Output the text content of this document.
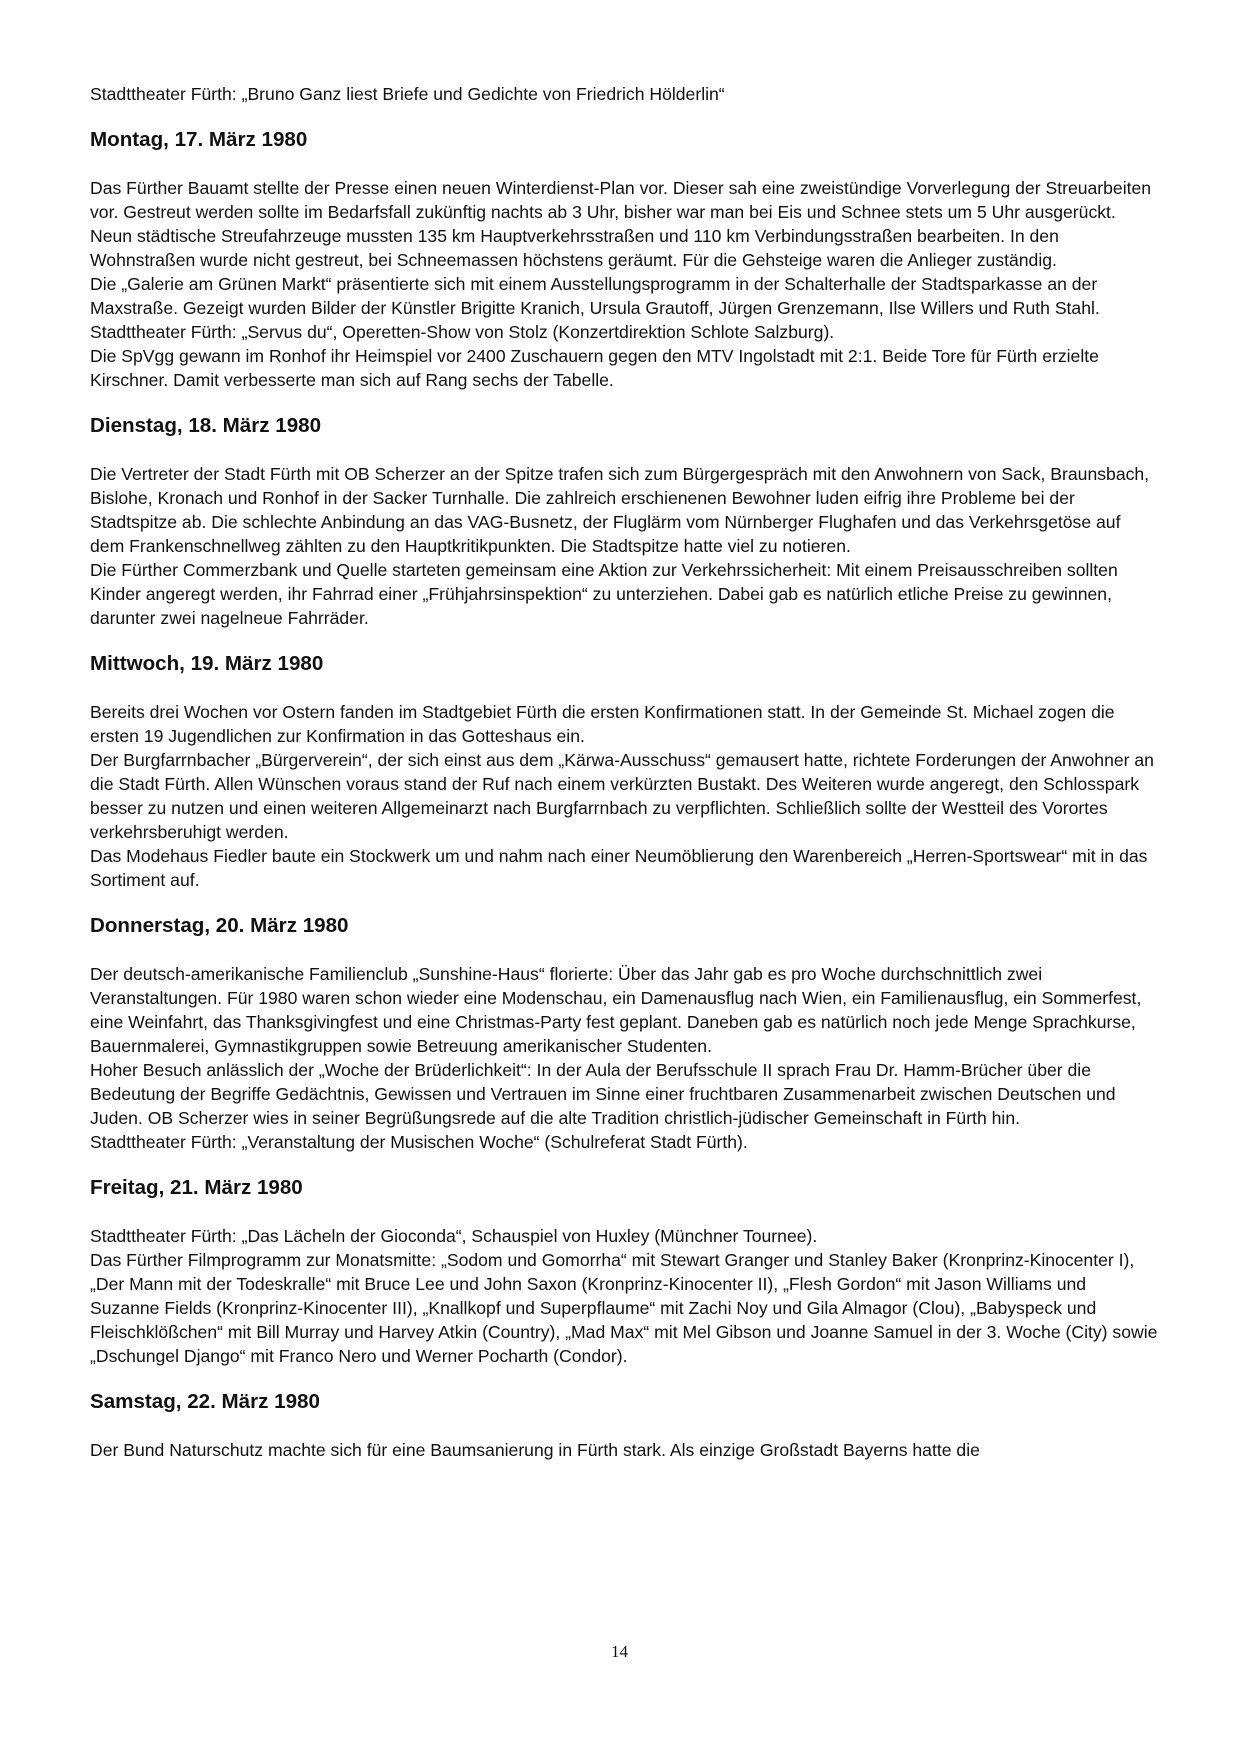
Stadttheater Fürth: „Bruno Ganz liest Briefe und Gedichte von Friedrich Hölderlin“

Montag, 17. März 1980

Das Fürther Bauamt stellte der Presse einen neuen Winterdienst-Plan vor. Dieser sah eine zweistündige Vorverlegung der Streuarbeiten vor. Gestreut werden sollte im Bedarfsfall zukünftig nachts ab 3 Uhr, bisher war man bei Eis und Schnee stets um 5 Uhr ausgerückt. Neun städtische Streufahrzeuge mussten 135 km Hauptverkehrsstraßen und 110 km Verbindungsstraßen bearbeiten. In den Wohnstraßen wurde nicht gestreut, bei Schneemassen höchstens geräumt. Für die Gehsteige waren die Anlieger zuständig.

Die „Galerie am Grünen Markt“ präsentierte sich mit einem Ausstellungsprogramm in der Schalterhalle der Stadtsparkasse an der Maxstraße. Gezeigt wurden Bilder der Künstler Brigitte Kranich, Ursula Grautoff, Jürgen Grenzemann, Ilse Willers und Ruth Stahl.

Stadttheater Fürth: „Servus du“, Operetten-Show von Stolz (Konzertdirektion Schlote Salzburg).

Die SpVgg gewann im Ronhof ihr Heimspiel vor 2400 Zuschauern gegen den MTV Ingolstadt mit 2:1. Beide Tore für Fürth erzielte Kirschner. Damit verbesserte man sich auf Rang sechs der Tabelle.

Dienstag, 18. März 1980

Die Vertreter der Stadt Fürth mit OB Scherzer an der Spitze trafen sich zum Bürgergespräch mit den Anwohnern von Sack, Braunsbach, Bislohe, Kronach und Ronhof in der Sacker Turnhalle. Die zahlreich erschienenen Bewohner luden eifrig ihre Probleme bei der Stadtspitze ab. Die schlechte Anbindung an das VAG-Busnetz, der Fluglärm vom Nürnberger Flughafen und das Verkehrsgetöse auf dem Frankenschnellweg zählten zu den Hauptkritikpunkten. Die Stadtspitze hatte viel zu notieren.

Die Fürther Commerzbank und Quelle starteten gemeinsam eine Aktion zur Verkehrssicherheit: Mit einem Preisausschreiben sollten Kinder angeregt werden, ihr Fahrrad einer „Frühjahrsinspektion“ zu unterziehen. Dabei gab es natürlich etliche Preise zu gewinnen, darunter zwei nagelneue Fahrräder.

Mittwoch, 19. März 1980

Bereits drei Wochen vor Ostern fanden im Stadtgebiet Fürth die ersten Konfirmationen statt. In der Gemeinde St. Michael zogen die ersten 19 Jugendlichen zur Konfirmation in das Gotteshaus ein.

Der Burgfarrnbacher „Bürgerverein“, der sich einst aus dem „Kärwa-Ausschuss“ gemausert hatte, richtete Forderungen der Anwohner an die Stadt Fürth. Allen Wünschen voraus stand der Ruf nach einem verkürzten Bustakt. Des Weiteren wurde angeregt, den Schlosspark besser zu nutzen und einen weiteren Allgemeinarzt nach Burgfarrnbach zu verpflichten. Schließlich sollte der Westteil des Vorortes verkehrsberuhigt werden.

Das Modehaus Fiedler baute ein Stockwerk um und nahm nach einer Neumöblierung den Warenbereich „Herren-Sportswear“ mit in das Sortiment auf.

Donnerstag, 20. März 1980

Der deutsch-amerikanische Familienclub „Sunshine-Haus“ florierte: Über das Jahr gab es pro Woche durchschnittlich zwei Veranstaltungen. Für 1980 waren schon wieder eine Modenschau, ein Damenausflug nach Wien, ein Familienausflug, ein Sommerfest, eine Weinfahrt, das Thanksgivingfest und eine Christmas-Party fest geplant. Daneben gab es natürlich noch jede Menge Sprachkurse, Bauernmalerei, Gymnastikgruppen sowie Betreuung amerikanischer Studenten.

Hoher Besuch anlässlich der „Woche der Brüderlichkeit“: In der Aula der Berufsschule II sprach Frau Dr. Hamm-Brücher über die Bedeutung der Begriffe Gedächtnis, Gewissen und Vertrauen im Sinne einer fruchtbaren Zusammenarbeit zwischen Deutschen und Juden. OB Scherzer wies in seiner Begrüßungsrede auf die alte Tradition christlich-jüdischer Gemeinschaft in Fürth hin.

Stadttheater Fürth: „Veranstaltung der Musischen Woche“ (Schulreferat Stadt Fürth).

Freitag, 21. März 1980

Stadttheater Fürth: „Das Lächeln der Gioconda“, Schauspiel von Huxley (Münchner Tournee).

Das Fürther Filmprogramm zur Monatsmitte: „Sodom und Gomorrha“ mit Stewart Granger und Stanley Baker (Kronprinz-Kinocenter I), „Der Mann mit der Todeskralle“ mit Bruce Lee und John Saxon (Kronprinz-Kinocenter II), „Flesh Gordon“ mit Jason Williams und Suzanne Fields (Kronprinz-Kinocenter III), „Knallkopf und Superpflaume“ mit Zachi Noy und Gila Almagor (Clou), „Babyspeck und Fleischklößchen“ mit Bill Murray und Harvey Atkin (Country), „Mad Max“ mit Mel Gibson und Joanne Samuel in der 3. Woche (City) sowie „Dschungel Django“ mit Franco Nero und Werner Pocharth (Condor).

Samstag, 22. März 1980

Der Bund Naturschutz machte sich für eine Baumsanierung in Fürth stark. Als einzige Großstadt Bayerns hatte die

14
